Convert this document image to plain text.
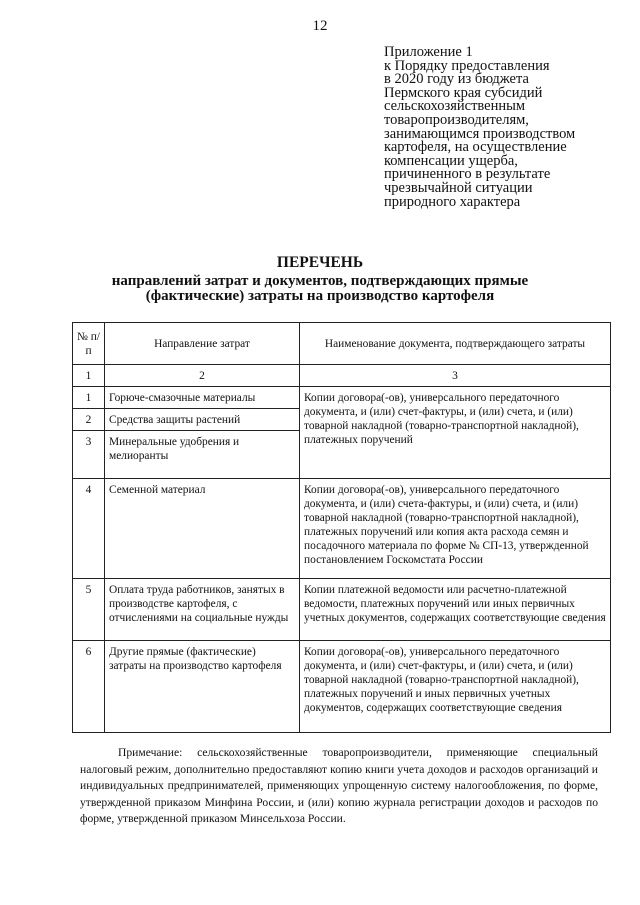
12
Приложение 1
к Порядку предоставления
в 2020 году из бюджета
Пермского края субсидий
сельскохозяйственным
товаропроизводителям,
занимающимся производством
картофеля, на осуществление
компенсации ущерба,
причиненного в результате
чрезвычайной ситуации
природного характера
ПЕРЕЧЕНЬ
направлений затрат и документов, подтверждающих прямые
(фактические) затраты на производство картофеля
№ п/п	Направление затрат	Наименование документа, подтверждающего затраты
1	2	3
1	Горюче-смазочные материалы	Копии договора(-ов), универсального передаточного документа, и (или) счет-фактуры, и (или) счета, и (или) товарной накладной (товарно-транспортной накладной), платежных поручений
2	Средства защиты растений	
3	Минеральные удобрения и мелиоранты	
4	Семенной материал	Копии договора(-ов), универсального передаточного документа, и (или) счета-фактуры, и (или) счета, и (или) товарной накладной (товарно-транспортной накладной), платежных поручений или копия акта расхода семян и посадочного материала по форме № СП-13, утвержденной постановлением Госкомстата России
5	Оплата труда работников, занятых в производстве картофеля, с отчислениями на социальные нужды	Копии платежной ведомости или расчетно-платежной ведомости, платежных поручений или иных первичных учетных документов, содержащих соответствующие сведения
6	Другие прямые (фактические) затраты на производство картофеля	Копии договора(-ов), универсального передаточного документа, и (или) счет-фактуры, и (или) счета, и (или) товарной накладной (товарно-транспортной накладной), платежных поручений и иных первичных учетных документов, содержащих соответствующие сведения
Примечание: сельскохозяйственные товаропроизводители, применяющие специальный налоговый режим, дополнительно предоставляют копию книги учета доходов и расходов организаций и индивидуальных предпринимателей, применяющих упрощенную систему налогообложения, по форме, утвержденной приказом Минфина России, и (или) копию журнала регистрации доходов и расходов по форме, утвержденной приказом Минсельхоза России.
